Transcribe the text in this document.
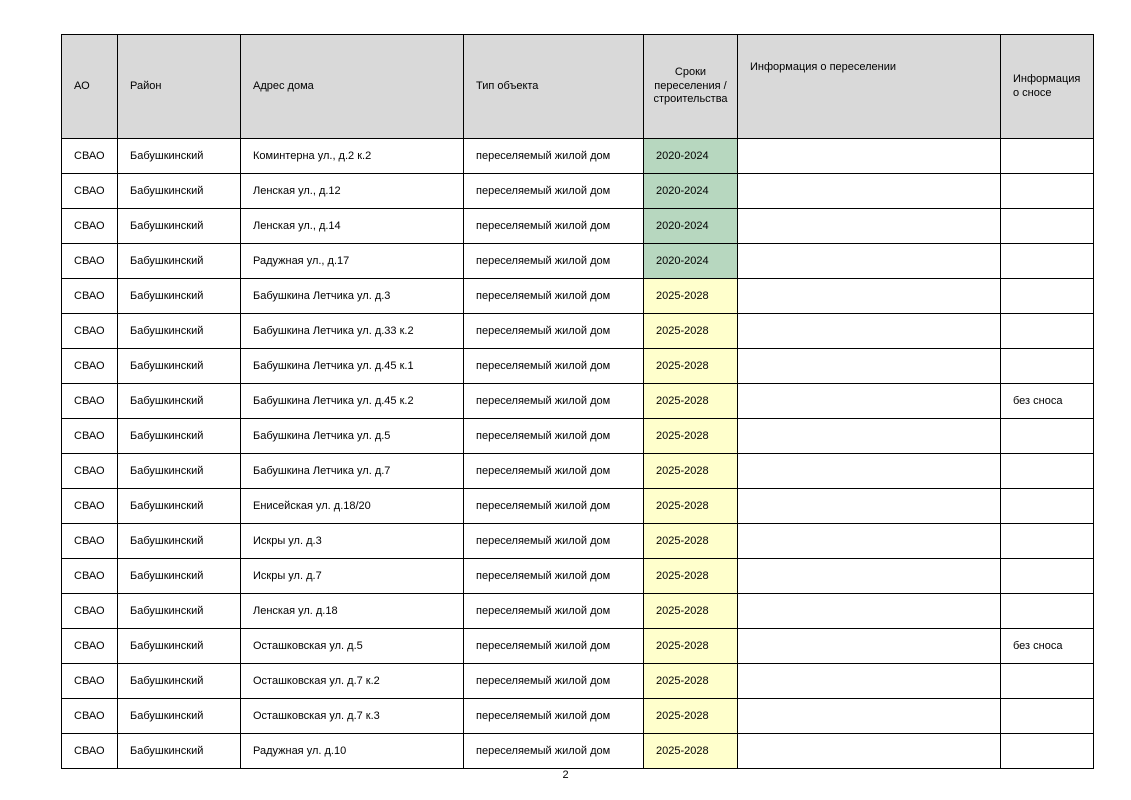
АО	Район	Адрес дома	Тип объекта	Сроки переселения / строительства	Информация о переселении	Информация о сносе
СВАО	Бабушкинский	Коминтерна ул., д.2 к.2	переселяемый жилой дом	2020-2024		
СВАО	Бабушкинский	Ленская ул., д.12	переселяемый жилой дом	2020-2024		
СВАО	Бабушкинский	Ленская ул., д.14	переселяемый жилой дом	2020-2024		
СВАО	Бабушкинский	Радужная ул., д.17	переселяемый жилой дом	2020-2024		
СВАО	Бабушкинский	Бабушкина Летчика ул. д.3	переселяемый жилой дом	2025-2028		
СВАО	Бабушкинский	Бабушкина Летчика ул. д.33 к.2	переселяемый жилой дом	2025-2028		
СВАО	Бабушкинский	Бабушкина Летчика ул. д.45 к.1	переселяемый жилой дом	2025-2028		
СВАО	Бабушкинский	Бабушкина Летчика ул. д.45 к.2	переселяемый жилой дом	2025-2028		без сноса
СВАО	Бабушкинский	Бабушкина Летчика ул. д.5	переселяемый жилой дом	2025-2028		
СВАО	Бабушкинский	Бабушкина Летчика ул. д.7	переселяемый жилой дом	2025-2028		
СВАО	Бабушкинский	Енисейская ул. д.18/20	переселяемый жилой дом	2025-2028		
СВАО	Бабушкинский	Искры ул. д.3	переселяемый жилой дом	2025-2028		
СВАО	Бабушкинский	Искры ул. д.7	переселяемый жилой дом	2025-2028		
СВАО	Бабушкинский	Ленская ул. д.18	переселяемый жилой дом	2025-2028		
СВАО	Бабушкинский	Осташковская ул. д.5	переселяемый жилой дом	2025-2028		без сноса
СВАО	Бабушкинский	Осташковская ул. д.7 к.2	переселяемый жилой дом	2025-2028		
СВАО	Бабушкинский	Осташковская ул. д.7 к.3	переселяемый жилой дом	2025-2028		
СВАО	Бабушкинский	Радужная ул. д.10	переселяемый жилой дом	2025-2028		
2
